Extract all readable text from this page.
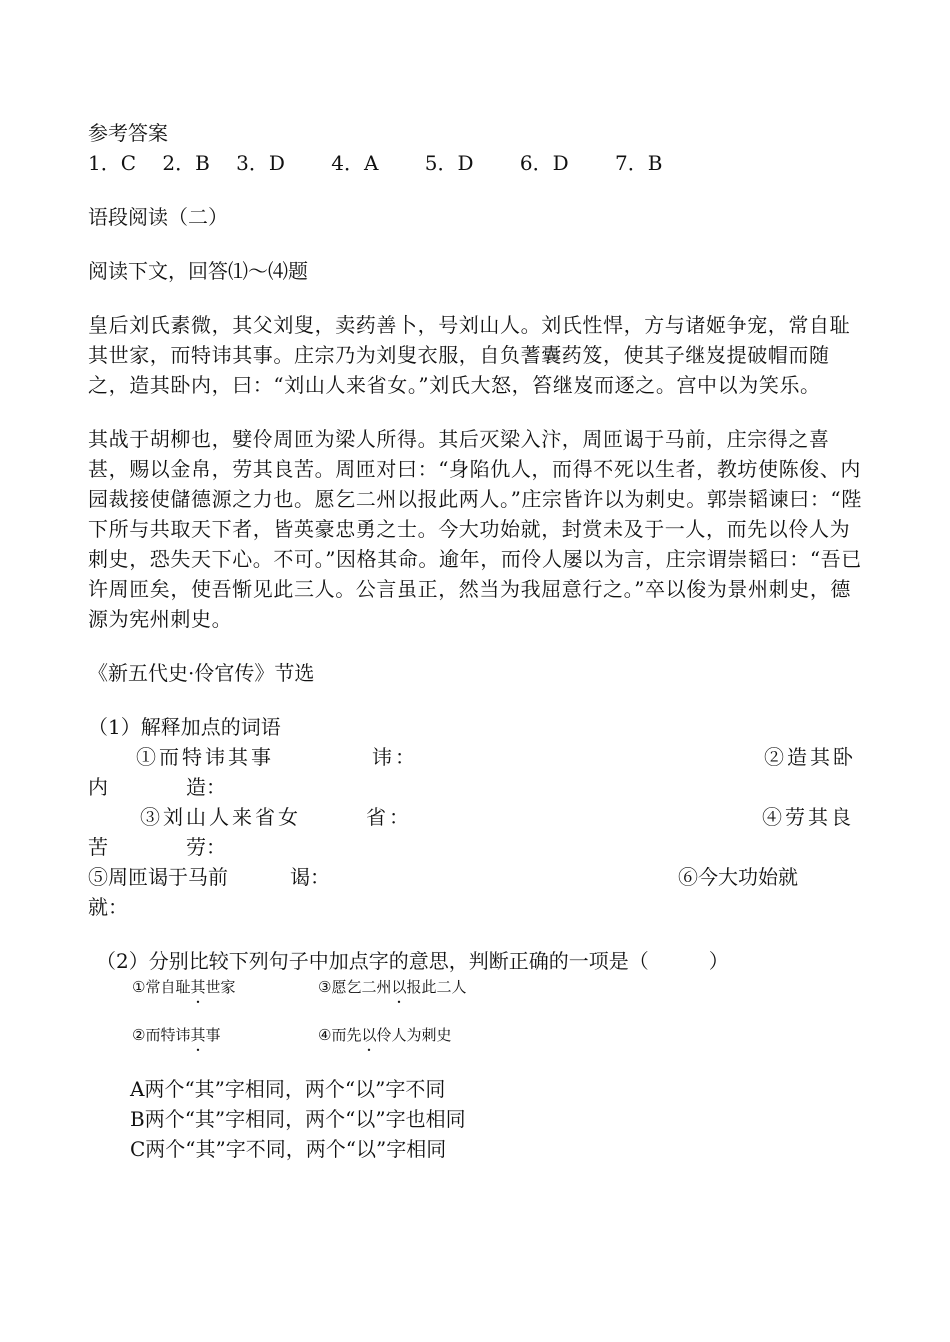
参考答案
1．C　 2．B　 3．D　　 4．A　　 5．D　　 6．D　　 7．B
语段阅读（二）
阅读下文，回答⑴～⑷题
皇后刘氏素微，其父刘叟，卖药善卜，号刘山人。刘氏性悍，方与诸姬争宠，常自耻其世家，而特讳其事。庄宗乃为刘叟衣服，自负蓍囊药笈，使其子继岌提破帽而随之，造其卧内，曰：“刘山人来省女。”刘氏大怒，笞继岌而逐之。宫中以为笑乐。
其战于胡柳也，嬖伶周匝为梁人所得。其后灭梁入汴，周匝谒于马前，庄宗得之喜甚，赐以金帛，劳其良苦。周匝对曰：“身陷仇人，而得不死以生者，教坊使陈俊、内园裁接使儲德源之力也。愿乞二州以报此两人。”庄宗皆许以为刺史。郭崇韬谏曰：“陛下所与共取天下者，皆英豪忠勇之士。今大功始就，封赏未及于一人，而先以伶人为刺史，恐失天下心。不可。”因格其命。逾年，而伶人屡以为言，庄宗谓崇韬曰：“吾已许周匝矣，使吾惭见此三人。公言虽正，然当为我屈意行之。”卒以俊为景州刺史，德源为宪州刺史。
《新五代史·伶官传》节选
（1）解释加点的词语

①而特讳其事

	讳：

	②造其卧

内

	造：

③刘山人来省女

	省：

	④劳其良

苦

	劳：

⑤周匝谒于马前

	谒：

	⑥今大功始就

就：

（2）分别比较下列句子中加点字的意思，判断正确的一项是（　　　）
①常自耻其世家	③愿乞二州以报此二人
②而特讳其事	④而先以伶人为刺史
A两个“其”字相同，两个“以”字不同
B两个“其”字相同，两个“以”字也相同
C两个“其”字不同，两个“以”字相同
